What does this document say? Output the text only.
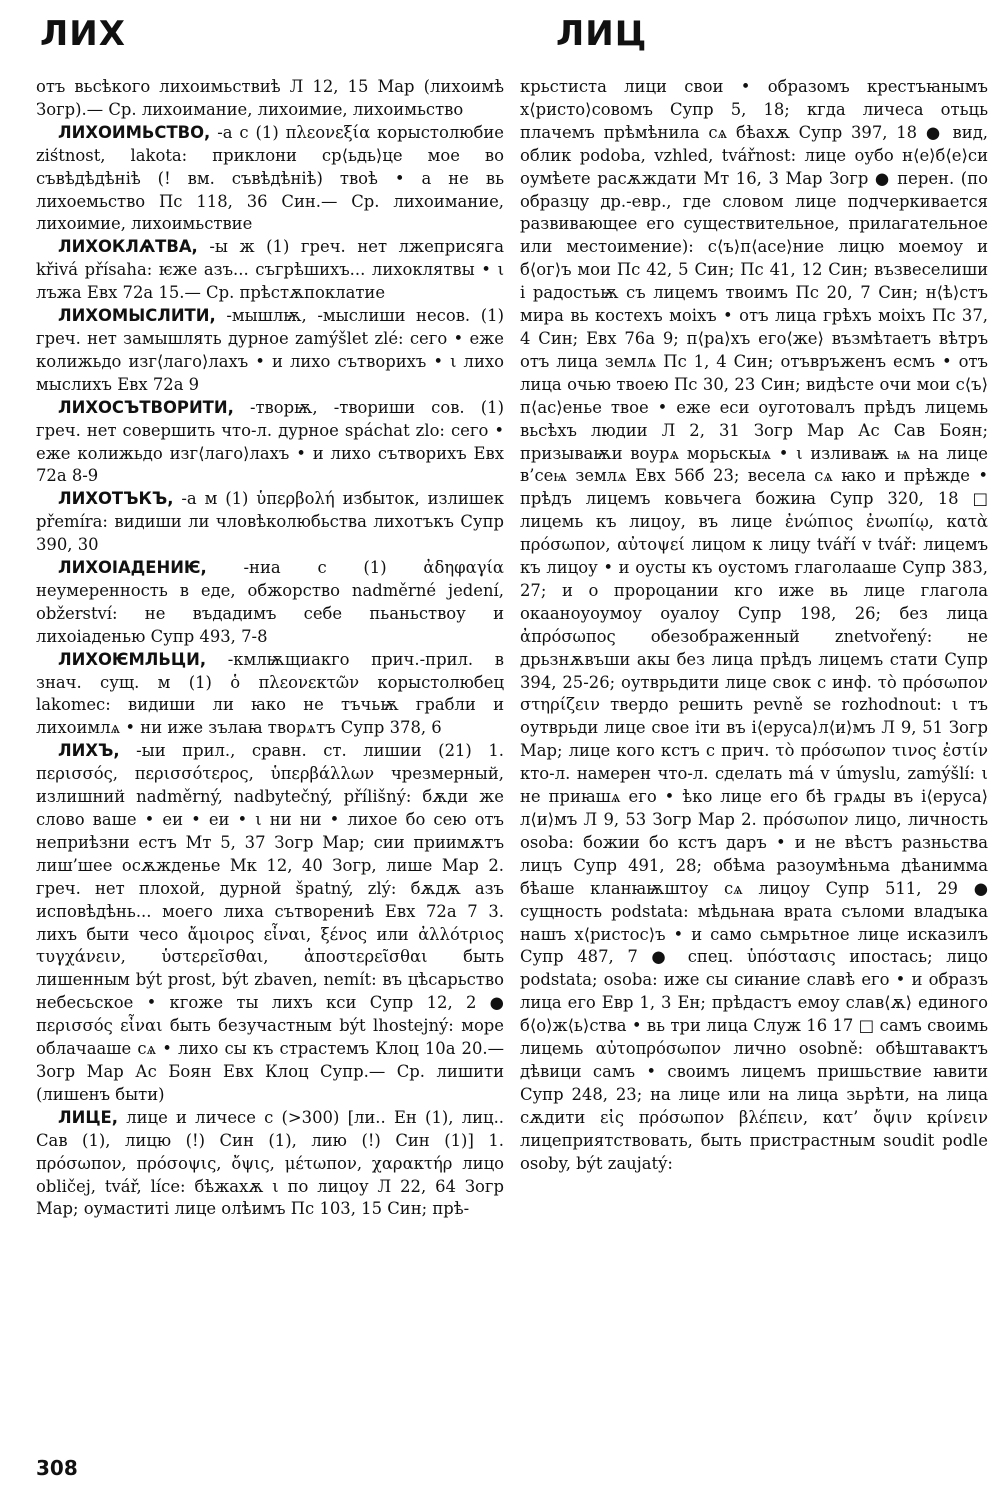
ЛИХ	ЛИЦ

отъ вьсѣкого лихоимьствиѣ Л 12, 15 Мар (лихоимѣ Зогр).— Ср. лихоимание, лихоимие, лихоимьство

ЛИХОИМЬСТВО, -а с (1) πλεονεξία корыстолюбие ziśtnost, lakota: приклони ср⟨ьдь⟩це мое во съвѣдѣдѣніѣ (! вм. съвѣдѣніѣ) твоѣ • а не вь лихоемьство Пс 118, 36 Син.— Ср. лихоимание, лихоимие, лихоимьствие

ЛИХОКЛѦТВА, -ы ж (1) греч. нет лжеприсяга křivá přísaha: ѥже азъ... съгрѣшихъ... лихоклятвы • ι лъжа Евх 72а 15.— Ср. прѣстѫпоклатие

ЛИХОМЫСЛИТИ, -мышлѭ, -мыслиши несов. (1) греч. нет замышлять дурное zamýšlet zlé: сего • еже колижьдо изг⟨лаго⟩лахъ • и лихо сътворихъ • ι лихо мыслихъ Евх 72а 9

ЛИХОСЪТВОРИТИ, -творѭ, -твориши сов. (1) греч. нет совершить что-л. дурное spáchat zlo: сего • еже колижьдо изг⟨лаго⟩лахъ • и лихо сътворихъ Евх 72а 8-9

ЛИХОТЪКЪ, -а м (1) ὑπερβολή избыток, излишек přemíra: видиши ли чловѣколюбьства лихотъкъ Супр 390, 30

ЛИХОІАДЕНИѤ, -ниа с (1) ἀδηφαγία неумеренность в еде, обжорство nadměrné jedení, obžerství: не въдадимъ себе пьаньствоу и лихоіаденью Супр 493, 7-8

ЛИХОѤМЛЬЦИ, -кмлѭщиакго прич.-прил. в знач. сущ. м (1) ὁ πλεονεκτῶν корыстолюбец lakomec: видиши ли ꙗко не тъчьѭ грабли и лихоимлѧ • ни иже зълаꙗ творѧтъ Супр 378, 6

ЛИХЪ, -ыи прил., сравн. ст. лишии (21) 1. περισσός, περισσότερος, ὑπερβάλλων чрезмерный, излишний nadměrný, nadbytečný, přílišný: бѫди же слово ваше • еи • еи • ι ни ни • лихое бо сею отъ неприѣзни естъ Мт 5, 37 Зогр Мар; сии приимѫтъ лиш’шее осѫжденье Мк 12, 40 Зогр, лише Мар 2. греч. нет плохой, дурной špatný, zlý: бѫдѫ азъ исповѣдѣнь... моего лиха сътворениѣ Евх 72а 7 3. лихъ быти чесо ἄμοιρος εἶναι, ξένος или ἀλλότριος τυγχάνειν, ὑστερεῖσθαι, ἀποστερεῖσθαι быть лишенным být prost, být zbaven, nemít: въ цѣсарьство небесьское • кгоже ты лихъ кси Супр 12, 2 ● περισσός εἶναι быть безучастным být lhostejný: море облачааше сѧ • лихо сы къ страстемъ Клоц 10а 20.— Зогр Мар Ас Боян Евх Клоц Супр.— Ср. лишити (лишенъ быти)

ЛИЦЕ, лице и личесе с (>300) [ли.. Ен (1), лиц.. Сав (1), лицю (!) Син (1), лию (!) Син (1)] 1. πρόσωπον, πρόσοψις, ὄψις, μέτωπον, χαρακτήρ лицо obličej, tvář, líce: бѣжахѫ ι по лицоу Л 22, 64 Зогр Мар; оумаститі лице олѣимъ Пс 103, 15 Син; прѣ-

крьстиста лици свои • образомъ крестъꙗнымъ х⟨ристо⟩совомъ Супр 5, 18; кгда личеса отьць плачемъ прѣмѣнила сѧ бѣахѫ Супр 397, 18 ● вид, облик podoba, vzhled, tvářnost: лице оубо н⟨е⟩б⟨е⟩си оумѣете расѫждати Мт 16, 3 Мар Зогр ● перен. (по образцу др.-евр., где словом лице подчеркивается развивающее его существительное, прилагательное или местоимение): с⟨ъ⟩п⟨асе⟩ние лицю моемоу и б⟨ог⟩ъ мои Пс 42, 5 Син; Пс 41, 12 Син; възвеселиши і радостьѭ съ лицемъ твоимъ Пс 20, 7 Син; н⟨ѣ⟩стъ мира вь костехъ моіхъ • отъ лица грѣхъ моіхъ Пс 37, 4 Син; Евх 76а 9; п⟨ра⟩хъ его⟨же⟩ възмѣтаетъ вѣтръ отъ лица землѧ Пс 1, 4 Син; отъвръженъ есмъ • отъ лица очью твоею Пс 30, 23 Син; видѣсте очи мои с⟨ъ⟩п⟨ас⟩енье твое • еже еси оуготовалъ прѣдъ лицемь вьсѣхъ людии Л 2, 31 Зогр Мар Ас Сав Боян; призываѭи воурѧ морьскыѧ • ι изливаѭ ѩ на лице в’сеѩ землѧ Евх 56б 23; весела сѧ ꙗко и прѣжде • прѣдъ лицемъ ковьчега божиꙗ Супр 320, 18 □ лицемь къ лицоу, въ лице ἐνώπιος ἐνωπίῳ, κατὰ πρόσωπον, αὐτοψεί лицом к лицу tváří v tvář: лицемъ къ лицоу • и оусты къ оустомъ глаголааше Супр 383, 27; и о пророцании кго иже вь лице глагола окааноуоумоу оуалоу Супр 198, 26; без лица ἀπρόσωπος обезображенный znetvořený: не дрьзнѫвъши акы без лица прѣдъ лицемъ стати Супр 394, 25-26; оутврьдити лице свок с инф. τὸ πρόσωπον στηρίζειν твердо решить pevně se rozhodnout: ι тъ оутврьди лице свое іти въ і⟨ерусa⟩л⟨и⟩мъ Л 9, 51 Зогр Мар; лице кого кстъ с прич. τὸ πρόσωπον τινος ἐστίν кто-л. намерен что-л. сделать má v úmyslu, zamýšlí: ι не приꙗшѧ его • ѣко лице его бѣ грѧды въ і⟨ерусa⟩л⟨и⟩мъ Л 9, 53 Зогр Мар 2. πρόσωπον лицо, личность osoba: божии бо кстъ даръ • и не вѣстъ разньства лицъ Супр 491, 28; обѣма разоумѣньма дѣанимма бѣаше кланꙗѭштоу сѧ лицоу Супр 511, 29 ● сущность podstata: мѣдьнаꙗ врата съломи владꙑка нашъ х⟨ристос⟩ъ • и само сьмрьтное лице исказилъ Супр 487, 7 ● спец. ὑπόστασις ипостась; лицо podstata; osoba: иже сы сиꙗние славѣ его • и образъ лица его Евр 1, 3 Ен; прѣдастъ емоу слав⟨ѫ⟩ единого б⟨о⟩ж⟨ь⟩ства • вь три лица Служ 16 17 □ самъ своимь лицемь αὐτοπρόσωπον лично osobně: обѣштавактъ дѣвици самъ • своимъ лицемъ пришьствие ꙗвити Супр 248, 23; на лице или на лица зьрѣти, на лица сѫдити εἰς πρόσωπον βλέπειν, κατ’ ὄψιν κρίνειν лицеприятствовать, быть пристрастным soudit podle osoby, být zaujatý:

308
